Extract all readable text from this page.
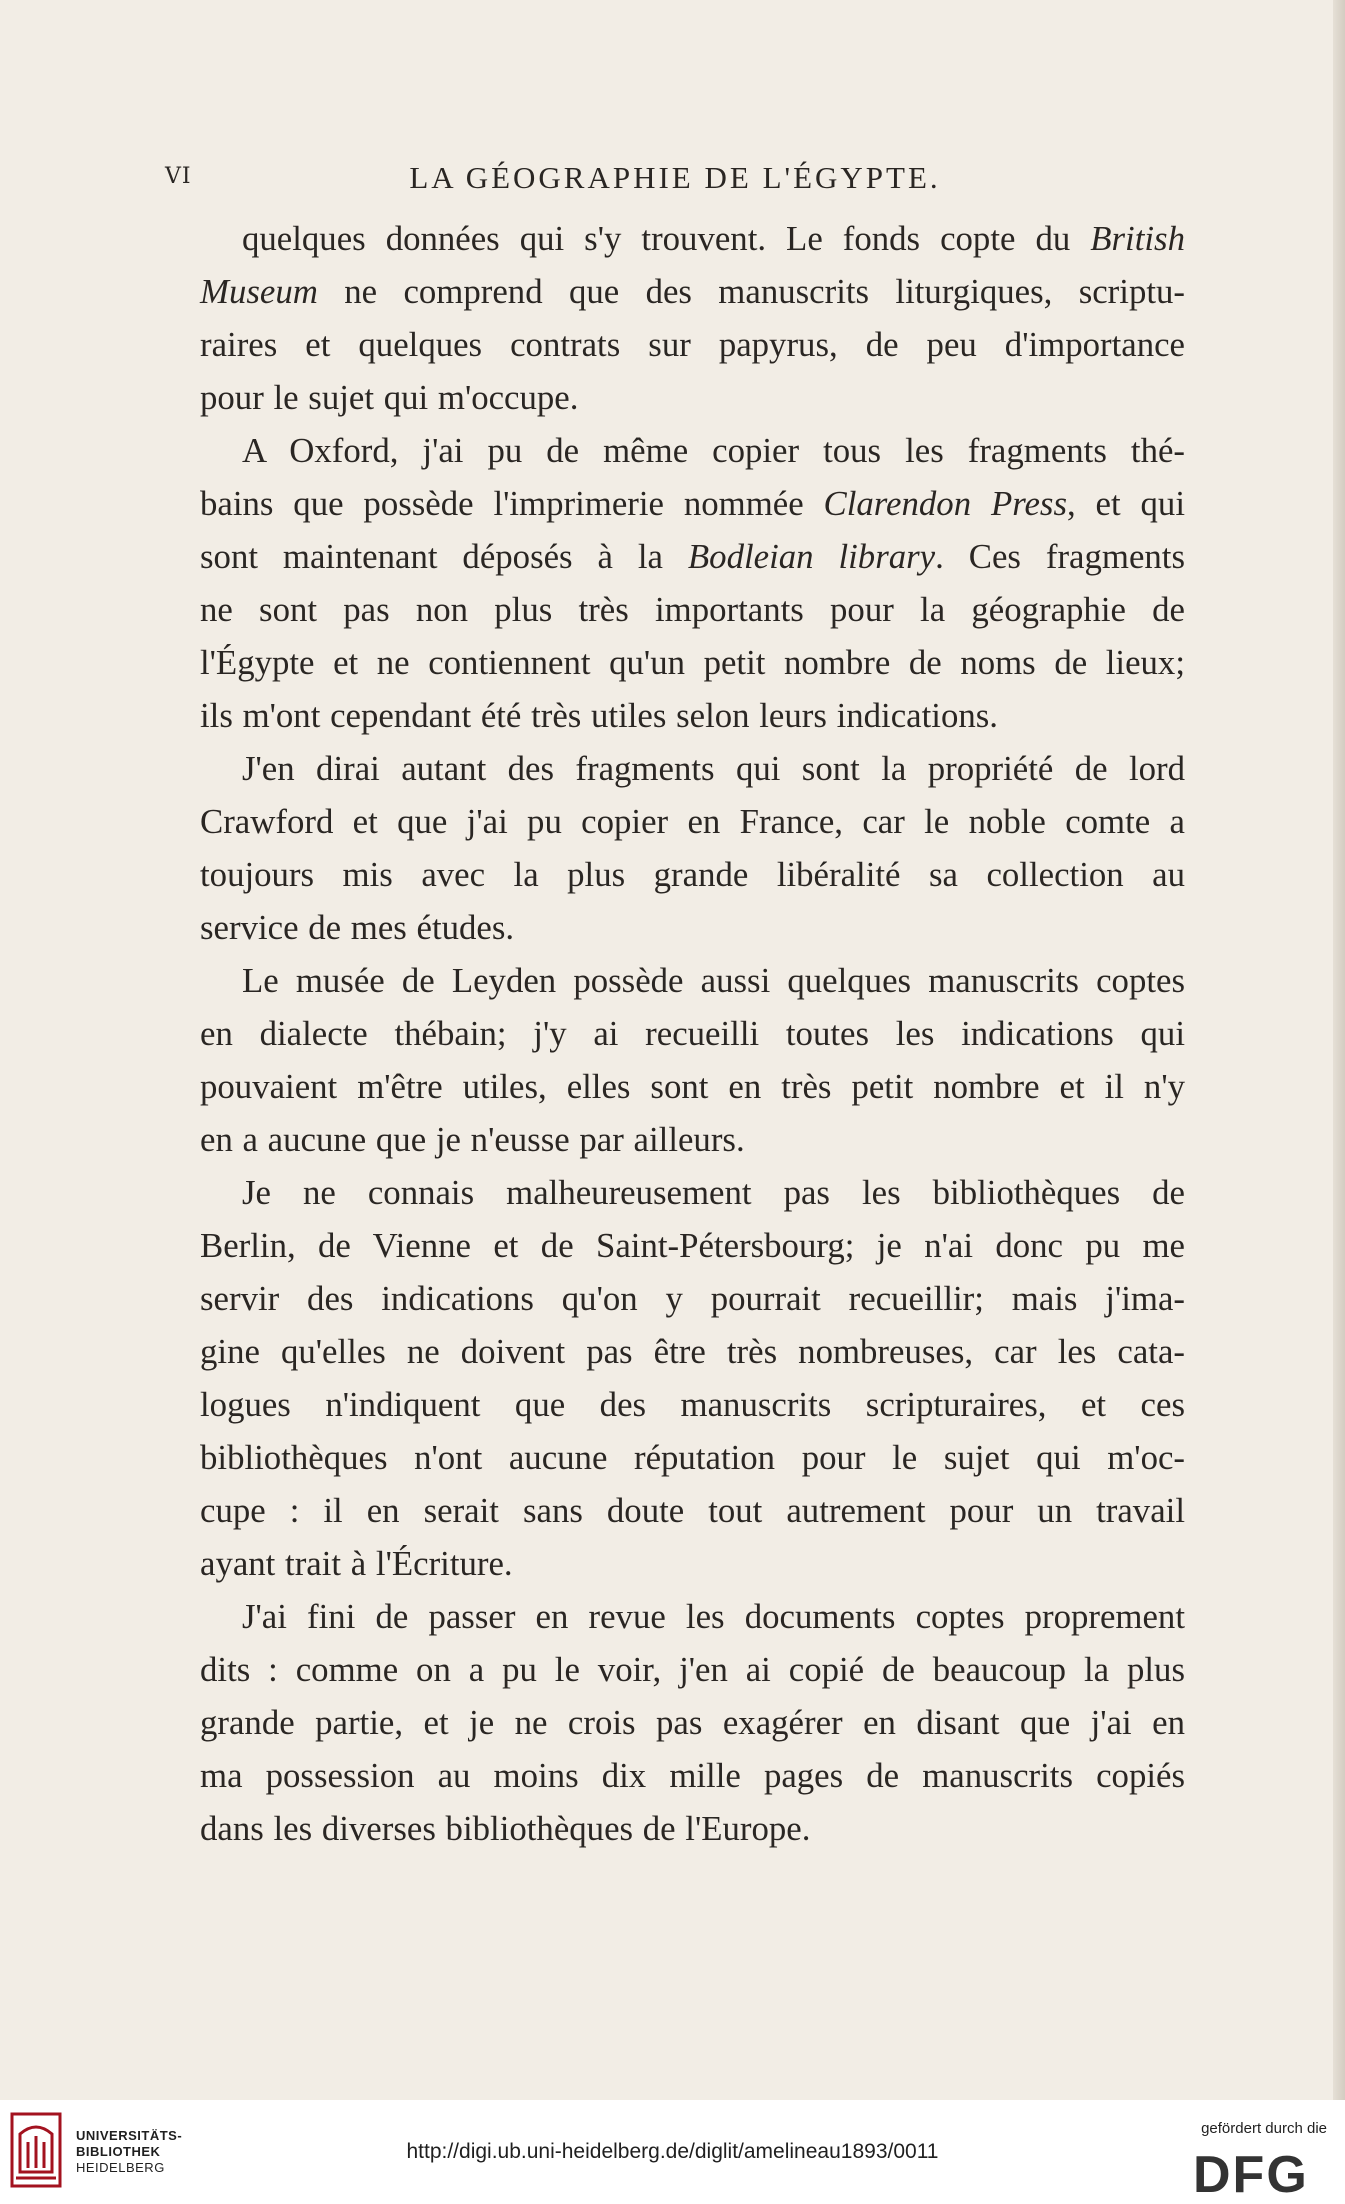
VI	LA GÉOGRAPHIE DE L'ÉGYPTE.

quelques données qui s'y trouvent. Le fonds copte du British
Museum ne comprend que des manuscrits liturgiques, scriptu-
raires et quelques contrats sur papyrus, de peu d'importance
pour le sujet qui m'occupe.

A Oxford, j'ai pu de même copier tous les fragments thé-
bains que possède l'imprimerie nommée Clarendon Press, et qui
sont maintenant déposés à la Bodleian library. Ces fragments
ne sont pas non plus très importants pour la géographie de
l'Égypte et ne contiennent qu'un petit nombre de noms de lieux;
ils m'ont cependant été très utiles selon leurs indications.

J'en dirai autant des fragments qui sont la propriété de lord
Crawford et que j'ai pu copier en France, car le noble comte a
toujours mis avec la plus grande libéralité sa collection au
service de mes études.

Le musée de Leyden possède aussi quelques manuscrits coptes
en dialecte thébain; j'y ai recueilli toutes les indications qui
pouvaient m'être utiles, elles sont en très petit nombre et il n'y
en a aucune que je n'eusse par ailleurs.

Je ne connais malheureusement pas les bibliothèques de
Berlin, de Vienne et de Saint-Pétersbourg; je n'ai donc pu me
servir des indications qu'on y pourrait recueillir; mais j'ima-
gine qu'elles ne doivent pas être très nombreuses, car les cata-
logues n'indiquent que des manuscrits scripturaires, et ces
bibliothèques n'ont aucune réputation pour le sujet qui m'oc-
cupe : il en serait sans doute tout autrement pour un travail
ayant trait à l'Écriture.

J'ai fini de passer en revue les documents coptes proprement
dits : comme on a pu le voir, j'en ai copié de beaucoup la plus
grande partie, et je ne crois pas exagérer en disant que j'ai en
ma possession au moins dix mille pages de manuscrits copiés
dans les diverses bibliothèques de l'Europe.

UNIVERSITÄTS-
BIBLIOTHEK
HEIDELBERG
http://digi.ub.uni-heidelberg.de/diglit/amelineau1893/0011
gefördert durch die
DFG
